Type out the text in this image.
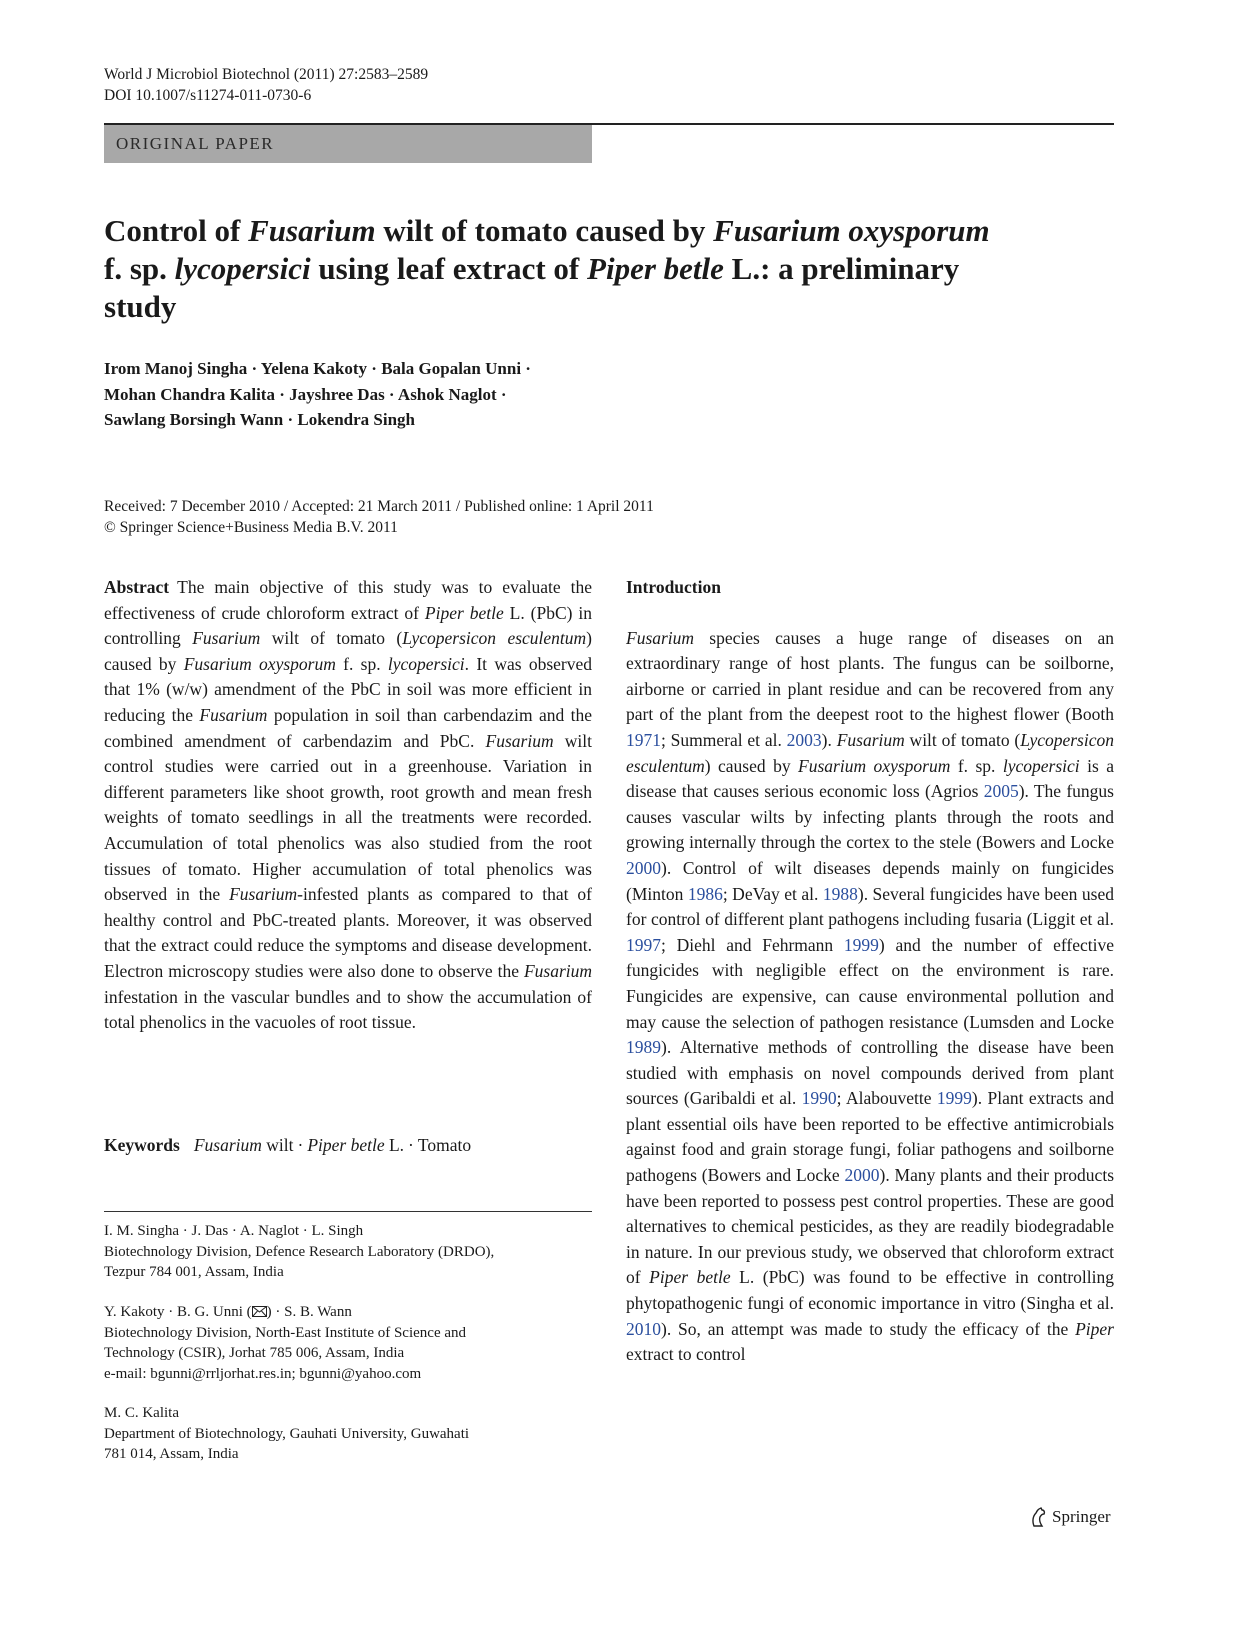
World J Microbiol Biotechnol (2011) 27:2583–2589
DOI 10.1007/s11274-011-0730-6
ORIGINAL PAPER
Control of Fusarium wilt of tomato caused by Fusarium oxysporum f. sp. lycopersici using leaf extract of Piper betle L.: a preliminary study
Irom Manoj Singha · Yelena Kakoty · Bala Gopalan Unni ·
Mohan Chandra Kalita · Jayshree Das · Ashok Naglot ·
Sawlang Borsingh Wann · Lokendra Singh
Received: 7 December 2010 / Accepted: 21 March 2011 / Published online: 1 April 2011
© Springer Science+Business Media B.V. 2011

Abstract The main objective of this study was to evaluate the effectiveness of crude chloroform extract of Piper betle L. (PbC) in controlling Fusarium wilt of tomato (Lycopersicon esculentum) caused by Fusarium oxysporum f. sp. lycopersici. It was observed that 1% (w/w) amendment of the PbC in soil was more efficient in reducing the Fusarium population in soil than carbendazim and the combined amendment of carbendazim and PbC. Fusarium wilt control studies were carried out in a greenhouse. Variation in different parameters like shoot growth, root growth and mean fresh weights of tomato seedlings in all the treatments were recorded. Accumulation of total phenolics was also studied from the root tissues of tomato. Higher accumulation of total phenolics was observed in the Fusarium-infested plants as compared to that of healthy control and PbC-treated plants. Moreover, it was observed that the extract could reduce the symptoms and disease development. Electron microscopy studies were also done to observe the Fusarium infestation in the vascular bundles and to show the accumulation of total phenolics in the vacuoles of root tissue.

Keywords Fusarium wilt · Piper betle L. · Tomato
I. M. Singha · J. Das · A. Naglot · L. Singh
Biotechnology Division, Defence Research Laboratory (DRDO),
Tezpur 784 001, Assam, India
Y. Kakoty · B. G. Unni ( ) · S. B. Wann
Biotechnology Division, North-East Institute of Science and
Technology (CSIR), Jorhat 785 006, Assam, India
e-mail: bgunni@rrljorhat.res.in; bgunni@yahoo.com
M. C. Kalita
Department of Biotechnology, Gauhati University, Guwahati
781 014, Assam, India
Introduction

Fusarium species causes a huge range of diseases on an extraordinary range of host plants. The fungus can be soilborne, airborne or carried in plant residue and can be recovered from any part of the plant from the deepest root to the highest flower (Booth 1971; Summeral et al. 2003). Fusarium wilt of tomato (Lycopersicon esculentum) caused by Fusarium oxysporum f. sp. lycopersici is a disease that causes serious economic loss (Agrios 2005). The fungus causes vascular wilts by infecting plants through the roots and growing internally through the cortex to the stele (Bowers and Locke 2000). Control of wilt diseases depends mainly on fungicides (Minton 1986; DeVay et al. 1988). Several fungicides have been used for control of different plant pathogens including fusaria (Liggit et al. 1997; Diehl and Fehrmann 1999) and the number of effective fungicides with negligible effect on the environment is rare. Fungicides are expensive, can cause environmental pollution and may cause the selection of pathogen resistance (Lumsden and Locke 1989). Alternative methods of controlling the disease have been studied with emphasis on novel compounds derived from plant sources (Garibaldi et al. 1990; Alabouvette 1999). Plant extracts and plant essential oils have been reported to be effective antimicrobials against food and grain storage fungi, foliar pathogens and soilborne pathogens (Bowers and Locke 2000). Many plants and their products have been reported to possess pest control properties. These are good alternatives to chemical pesticides, as they are readily biodegradable in nature. In our previous study, we observed that chloroform extract of Piper betle L. (PbC) was found to be effective in controlling phytopathogenic fungi of economic importance in vitro (Singha et al. 2010). So, an attempt was made to study the efficacy of the Piper extract to control

Springer
